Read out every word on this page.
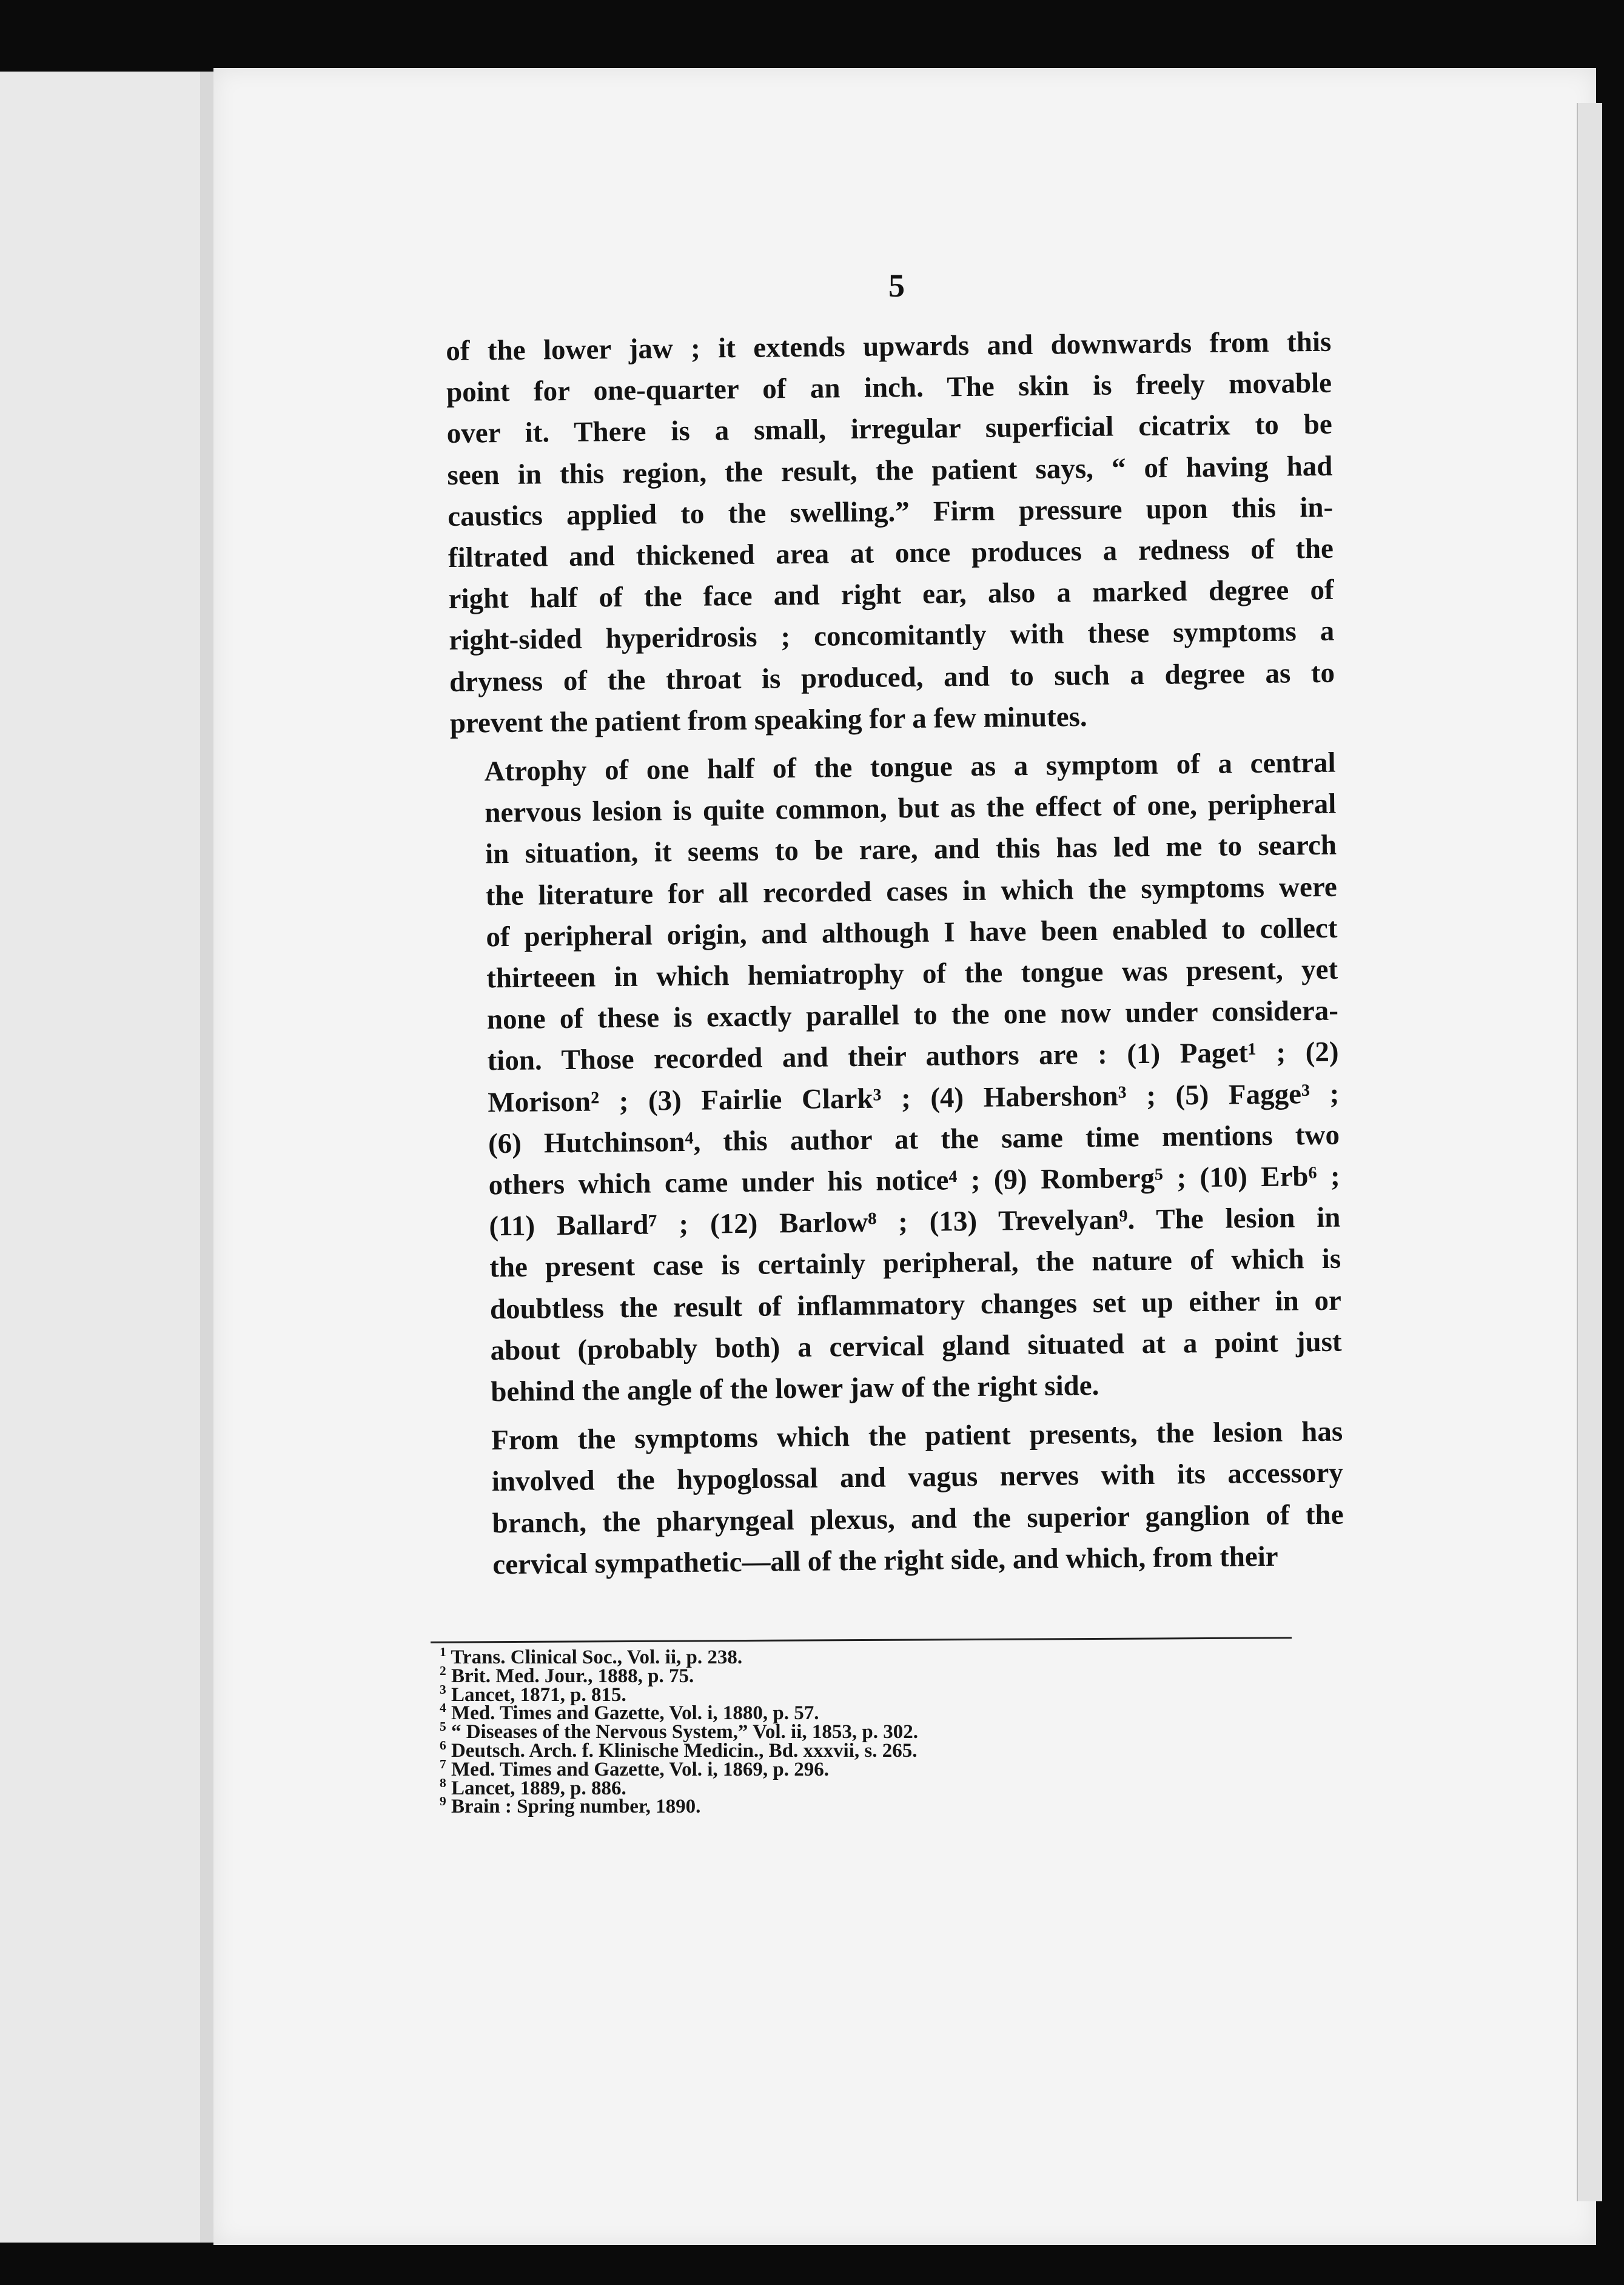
5

of the lower jaw ; it extends upwards and downwards from this
point for one-quarter of an inch. The skin is freely movable
over it. There is a small, irregular superficial cicatrix to be
seen in this region, the result, the patient says, “ of having had
caustics applied to the swelling.” Firm pressure upon this in-
filtrated and thickened area at once produces a redness of the
right half of the face and right ear, also a marked degree of
right-sided hyperidrosis ; concomitantly with these symptoms a
dryness of the throat is produced, and to such a degree as to
prevent the patient from speaking for a few minutes.

Atrophy of one half of the tongue as a symptom of a central
nervous lesion is quite common, but as the effect of one, peripheral
in situation, it seems to be rare, and this has led me to search
the literature for all recorded cases in which the symptoms were
of peripheral origin, and although I have been enabled to collect
thirteeen in which hemiatrophy of the tongue was present, yet
none of these is exactly parallel to the one now under considera-
tion. Those recorded and their authors are : (1) Paget¹ ; (2)
Morison² ; (3) Fairlie Clark³ ; (4) Habershon³ ; (5) Fagge³ ;
(6) Hutchinson⁴, this author at the same time mentions two
others which came under his notice⁴ ; (9) Romberg⁵ ; (10) Erb⁶ ;
(11) Ballard⁷ ; (12) Barlow⁸ ; (13) Trevelyan⁹. The lesion in
the present case is certainly peripheral, the nature of which is
doubtless the result of inflammatory changes set up either in or
about (probably both) a cervical gland situated at a point just
behind the angle of the lower jaw of the right side.

From the symptoms which the patient presents, the lesion has
involved the hypoglossal and vagus nerves with its accessory
branch, the pharyngeal plexus, and the superior ganglion of the
cervical sympathetic—all of the right side, and which, from their

$^1$ Trans. Clinical Soc., Vol. ii, p. 238.
$^2$ Brit. Med. Jour., 1888, p. 75.
$^3$ Lancet, 1871, p. 815.
$^4$ Med. Times and Gazette, Vol. i, 1880, p. 57.
$^5$ “ Diseases of the Nervous System,” Vol. ii, 1853, p. 302.
$^6$ Deutsch. Arch. f. Klinische Medicin., Bd. xxxvii, s. 265.
$^7$ Med. Times and Gazette, Vol. i, 1869, p. 296.
$^8$ Lancet, 1889, p. 886.
$^9$ Brain : Spring number, 1890.
